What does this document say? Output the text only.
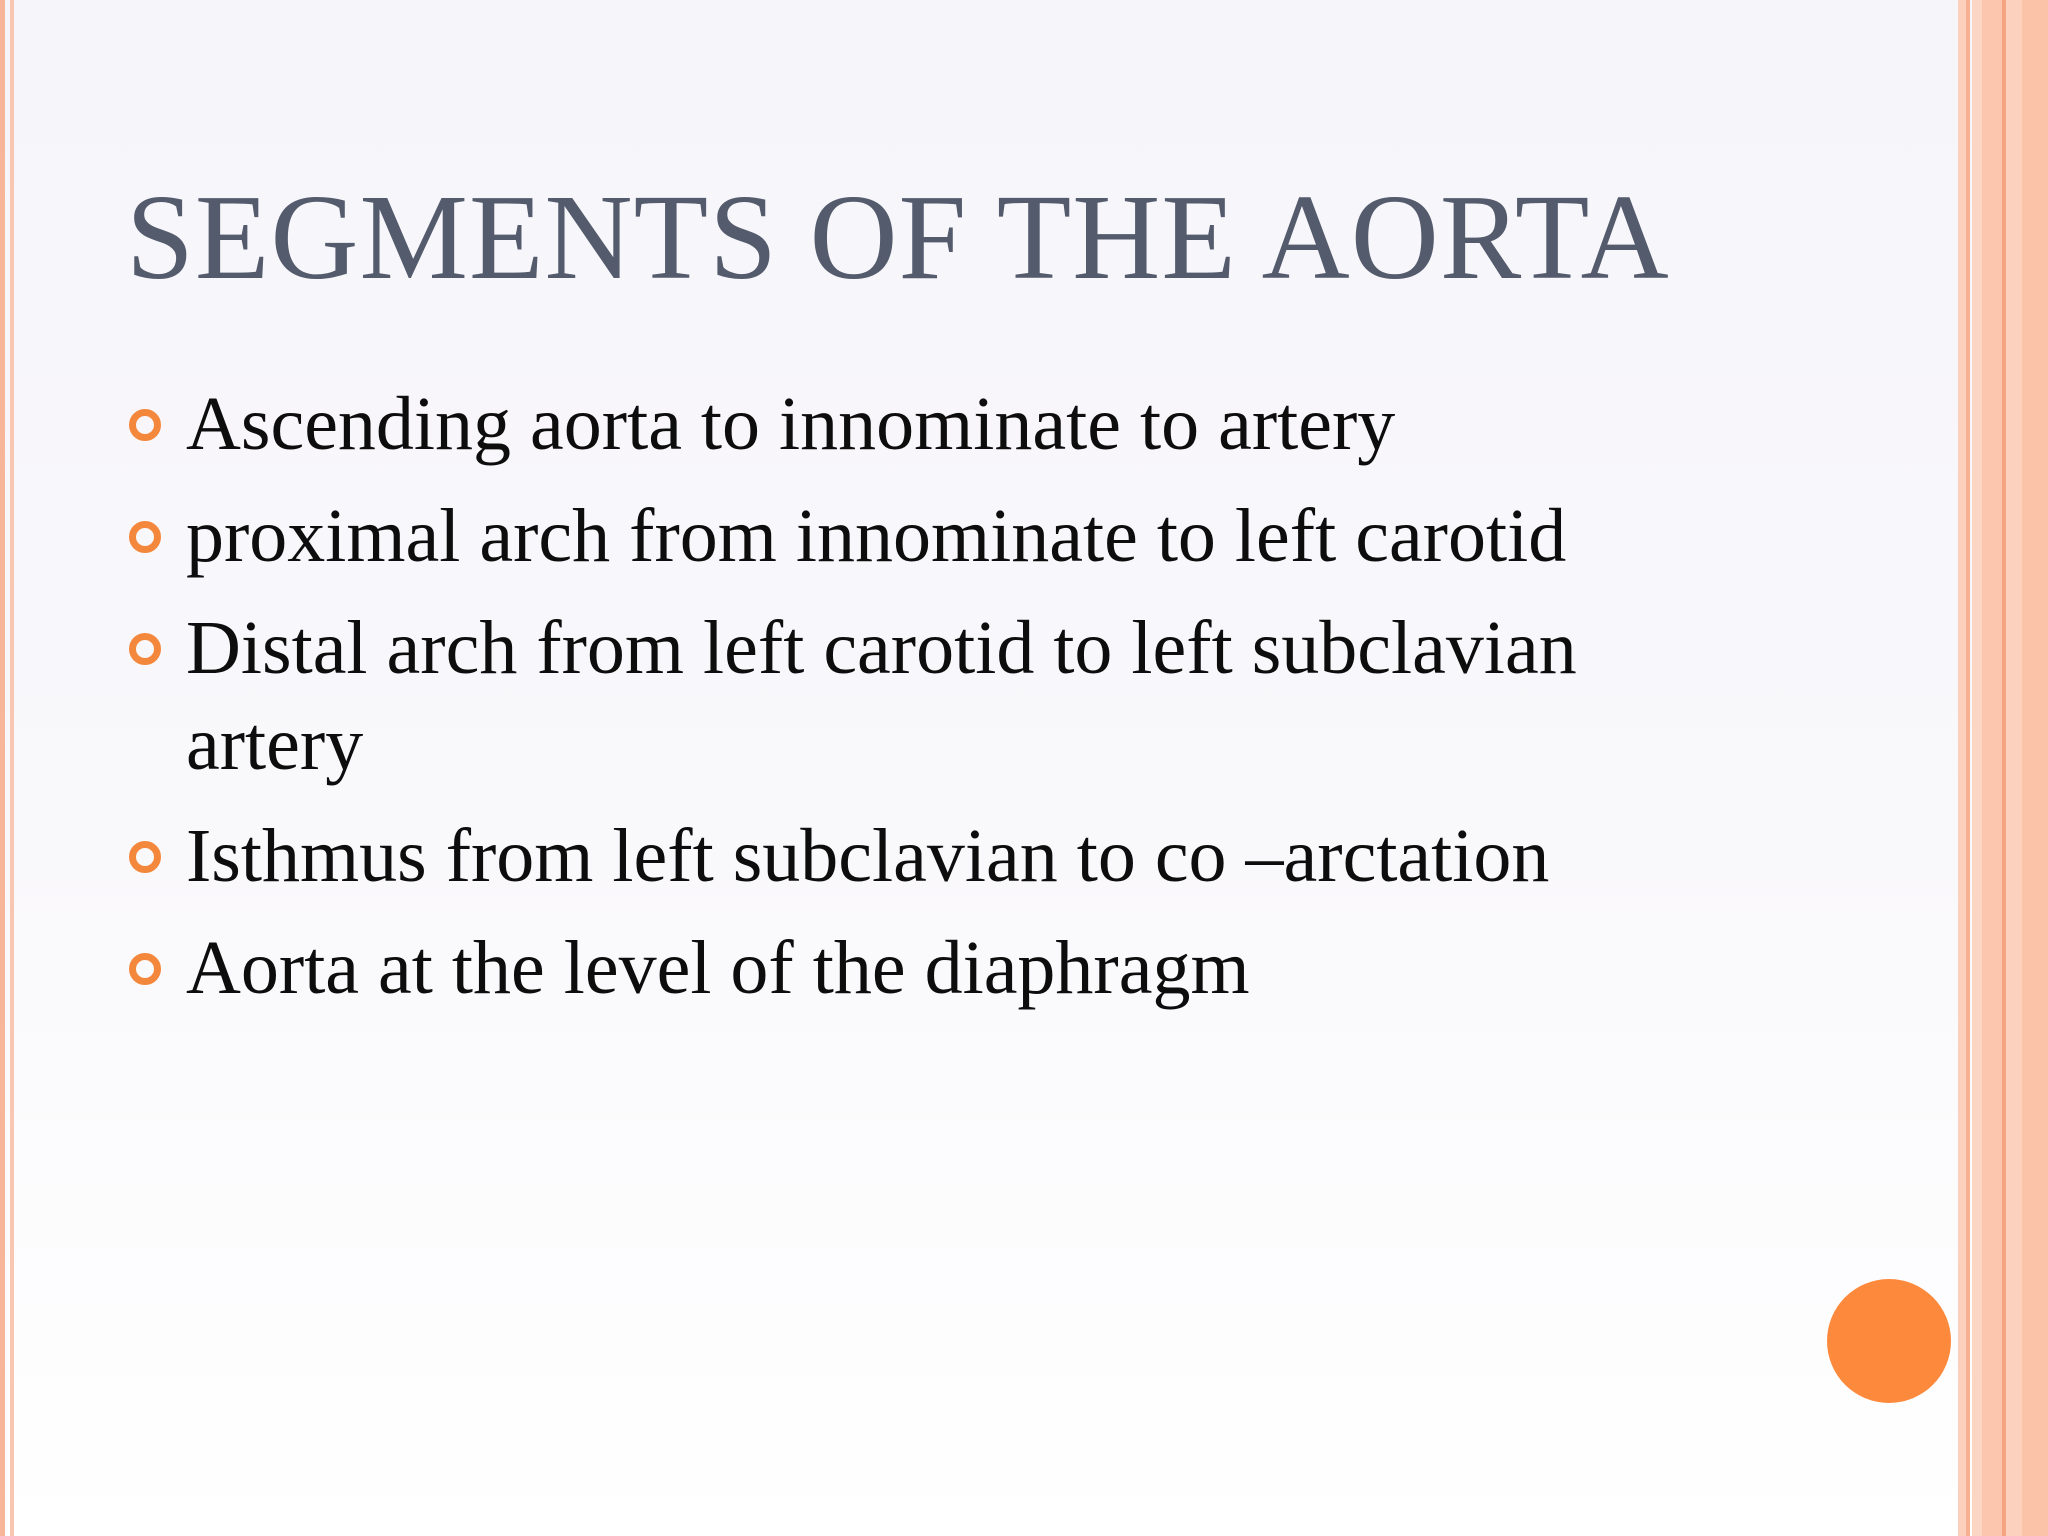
SEGMENTS OF THE AORTA
Ascending aorta to innominate to artery
proximal arch from innominate to left carotid
Distal arch from left carotid to left subclavian artery
Isthmus from left subclavian to co –arctation
Aorta at the level of the diaphragm
